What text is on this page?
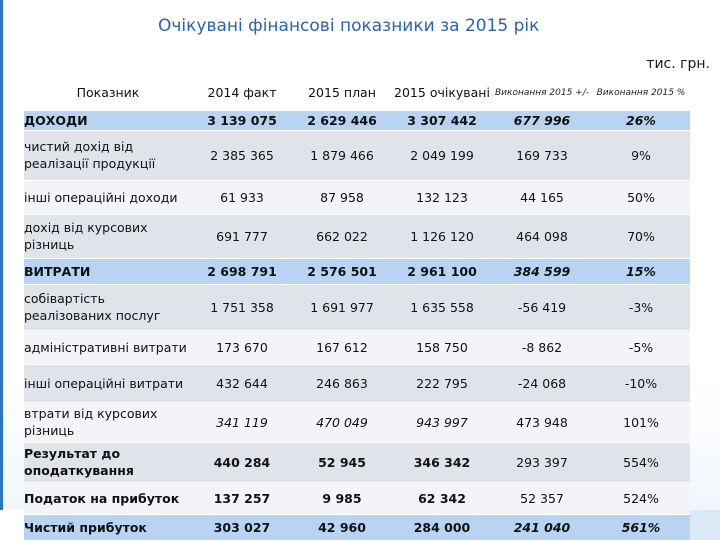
Очікувані фінансові показники за 2015 рік
тис. грн.
Показник	2014 факт	2015 план	2015 очікувані	Виконання 2015 +/-	Виконання 2015 %
ДОХОДИ	3 139 075	2 629 446	3 307 442	677 996	26%
чистий дохід від реалізації продукції	2 385 365	1 879 466	2 049 199	169 733	9%
інші операційні доходи	61 933	87 958	132 123	44 165	50%
дохід від курсових різниць	691 777	662 022	1 126 120	464 098	70%
ВИТРАТИ	2 698 791	2 576 501	2 961 100	384 599	15%
собівартість реалізованих послуг	1 751 358	1 691 977	1 635 558	-56 419	-3%
адміністративні витрати	173 670	167 612	158 750	-8 862	-5%
інші операційні витрати	432 644	246 863	222 795	-24 068	-10%
втрати від курсових різниць	341 119	470 049	943 997	473 948	101%
Результат до оподаткування	440 284	52 945	346 342	293 397	554%
Податок на прибуток	137 257	9 985	62 342	52 357	524%
Чистий прибуток	303 027	42 960	284 000	241 040	561%
